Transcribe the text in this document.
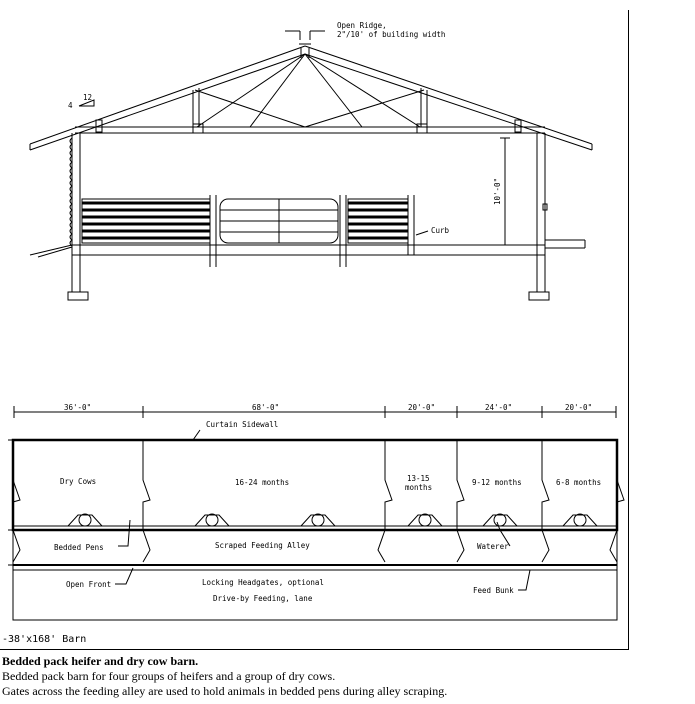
12
4
Open Ridge,
2"/10' of building width
10'-0"
Curb
36'-0"	68'-0"	20'-0"	24'-0"	20'-0"
Curtain Sidewall
Dry Cows	16-24 months	13-15
months
9-12 months	6-8 months
Bedded Pens	Scraped Feeding Alley	Waterer
Open Front	Locking Headgates, optional
Drive-by Feeding, lane
Feed Bunk
-38'x168' Barn
Bedded pack heifer and dry cow barn.
Bedded pack barn for four groups of heifers and a group of dry cows.
Gates across the feeding alley are used to hold animals in bedded pens during alley scraping.
